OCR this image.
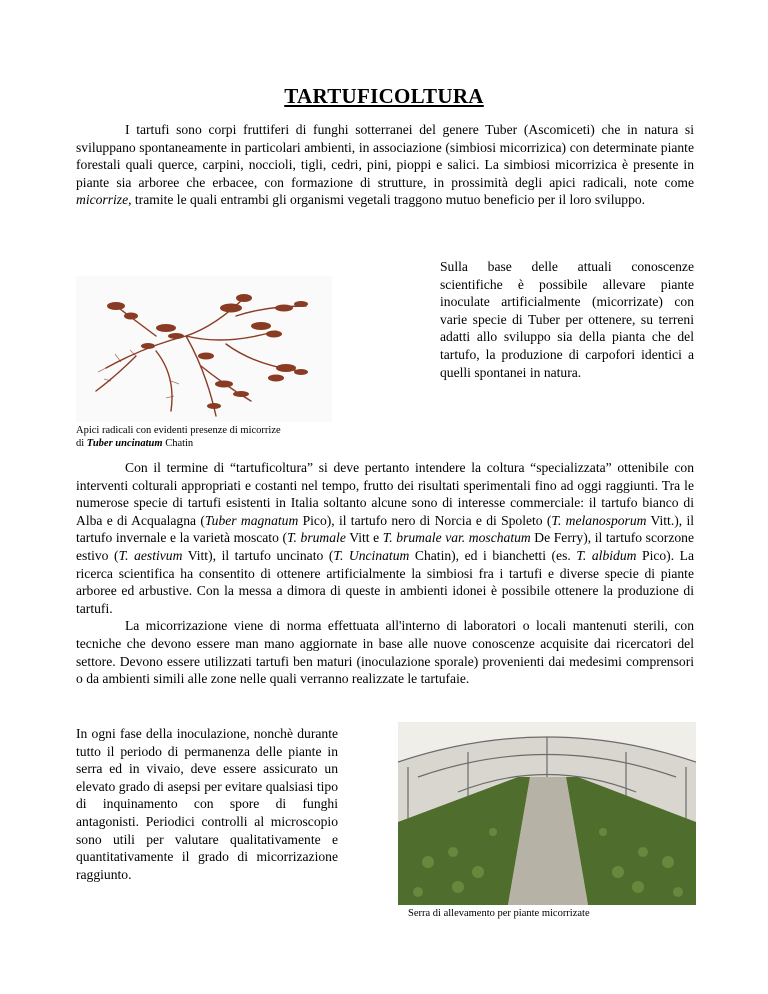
TARTUFICOLTURA

I tartufi sono corpi fruttiferi di funghi sotterranei del genere Tuber (Ascomiceti) che in natura si sviluppano spontaneamente in particolari ambienti, in associazione (simbiosi micorrizica) con determinate piante forestali quali querce, carpini, noccioli, tigli, cedri, pini, pioppi e salici. La simbiosi micorrizica è presente in piante sia arboree che erbacee, con formazione di strutture, in prossimità degli apici radicali, note come micorrize, tramite le quali entrambi gli organismi vegetali traggono mutuo beneficio per il loro sviluppo.

Sulla base delle attuali conoscenze scientifiche è possibile allevare piante inoculate artificialmente (micorrizate) con varie specie di Tuber per ottenere, su terreni adatti allo sviluppo sia della pianta che del tartufo, la produzione di carpofori identici a quelli spontanei in natura.

Apici radicali con evidenti presenze di micorrize
di Tuber uncinatum Chatin

Con il termine di “tartuficoltura” si deve pertanto intendere la coltura “specializzata” ottenibile con interventi colturali appropriati e costanti nel tempo, frutto dei risultati sperimentali fino ad oggi raggiunti. Tra le numerose specie di tartufi esistenti in Italia soltanto alcune sono di interesse commerciale: il tartufo bianco di Alba e di Acqualagna (Tuber magnatum Pico), il tartufo nero di Norcia e di Spoleto (T. melanosporum Vitt.), il tartufo invernale e la varietà moscato (T. brumale Vitt e T. brumale var. moschatum De Ferry), il tartufo scorzone estivo (T. aestivum Vitt), il tartufo uncinato (T. Uncinatum Chatin), ed i bianchetti (es. T. albidum Pico). La ricerca scientifica ha consentito di ottenere artificialmente la simbiosi fra i tartufi e diverse specie di piante arboree ed arbustive. Con la messa a dimora di queste in ambienti idonei è possibile ottenere la produzione di tartufi.

La micorrizazione viene di norma effettuata all'interno di laboratori o locali mantenuti sterili, con tecniche che devono essere man mano aggiornate in base alle nuove conoscenze acquisite dai ricercatori del settore. Devono essere utilizzati tartufi ben maturi (inoculazione sporale) provenienti dai medesimi comprensori o da ambienti simili alle zone nelle quali verranno realizzate le tartufaie.

In ogni fase della inoculazione, nonchè durante tutto il periodo di permanenza delle piante in serra ed in vivaio, deve essere assicurato un elevato grado di asepsi per evitare qualsiasi tipo di inquinamento con spore di funghi antagonisti. Periodici controlli al microscopio sono utili per valutare qualitativamente e quantitativamente il grado di micorrizazione raggiunto.

Serra di allevamento per piante micorrizate
